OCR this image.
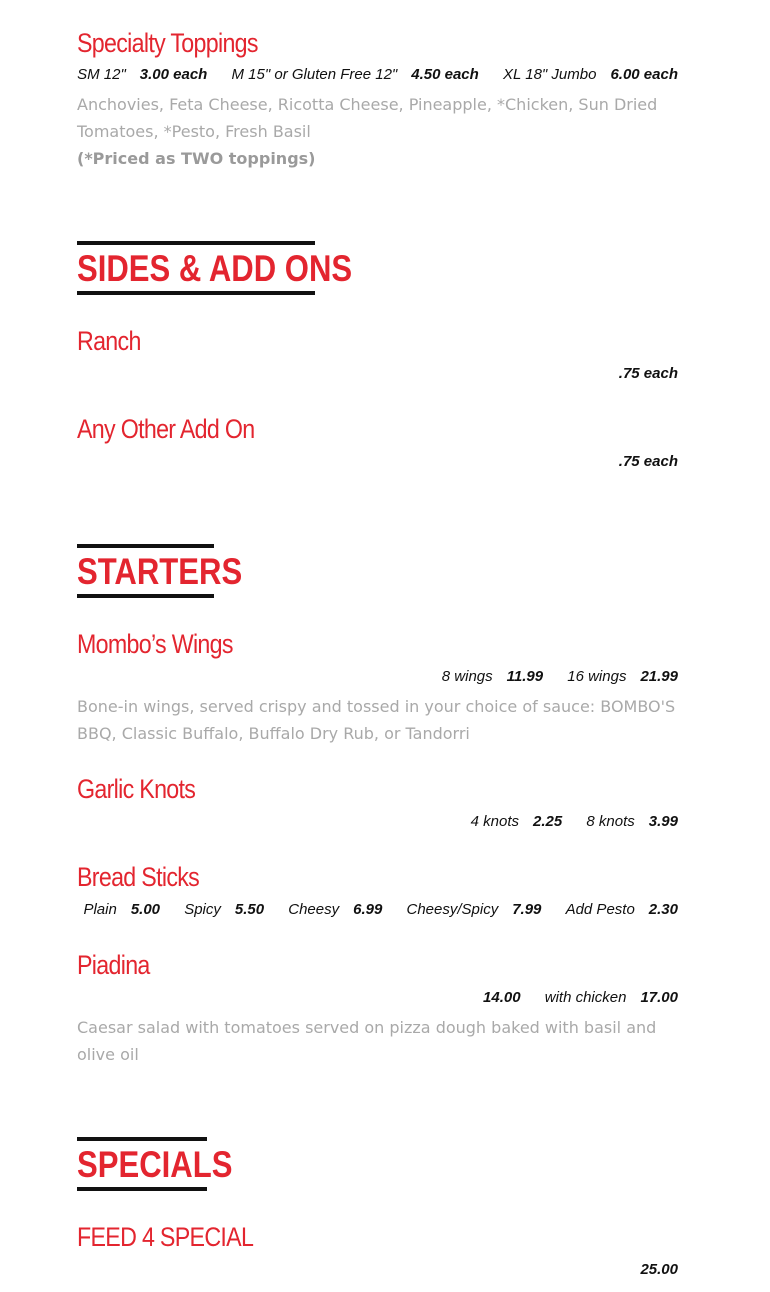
Specialty Toppings
SM 12" 3.00 each M 15" or Gluten Free 12" 4.50 each XL 18" Jumbo 6.00 each
Anchovies, Feta Cheese, Ricotta Cheese, Pineapple, *Chicken, Sun Dried Tomatoes, *Pesto, Fresh Basil
(*Priced as TWO toppings)
SIDES & ADD ONS
Ranch
.75 each
Any Other Add On
.75 each
STARTERS
Mombo’s Wings
8 wings 11.99 16 wings 21.99
Bone-in wings, served crispy and tossed in your choice of sauce: BOMBO'S BBQ, Classic Buffalo, Buffalo Dry Rub, or Tandorri
Garlic Knots
4 knots 2.25 8 knots 3.99
Bread Sticks
Plain 5.00 Spicy 5.50 Cheesy 6.99 Cheesy/Spicy 7.99 Add Pesto 2.30
Piadina
14.00 with chicken 17.00
Caesar salad with tomatoes served on pizza dough baked with basil and olive oil
SPECIALS
FEED 4 SPECIAL
25.00
